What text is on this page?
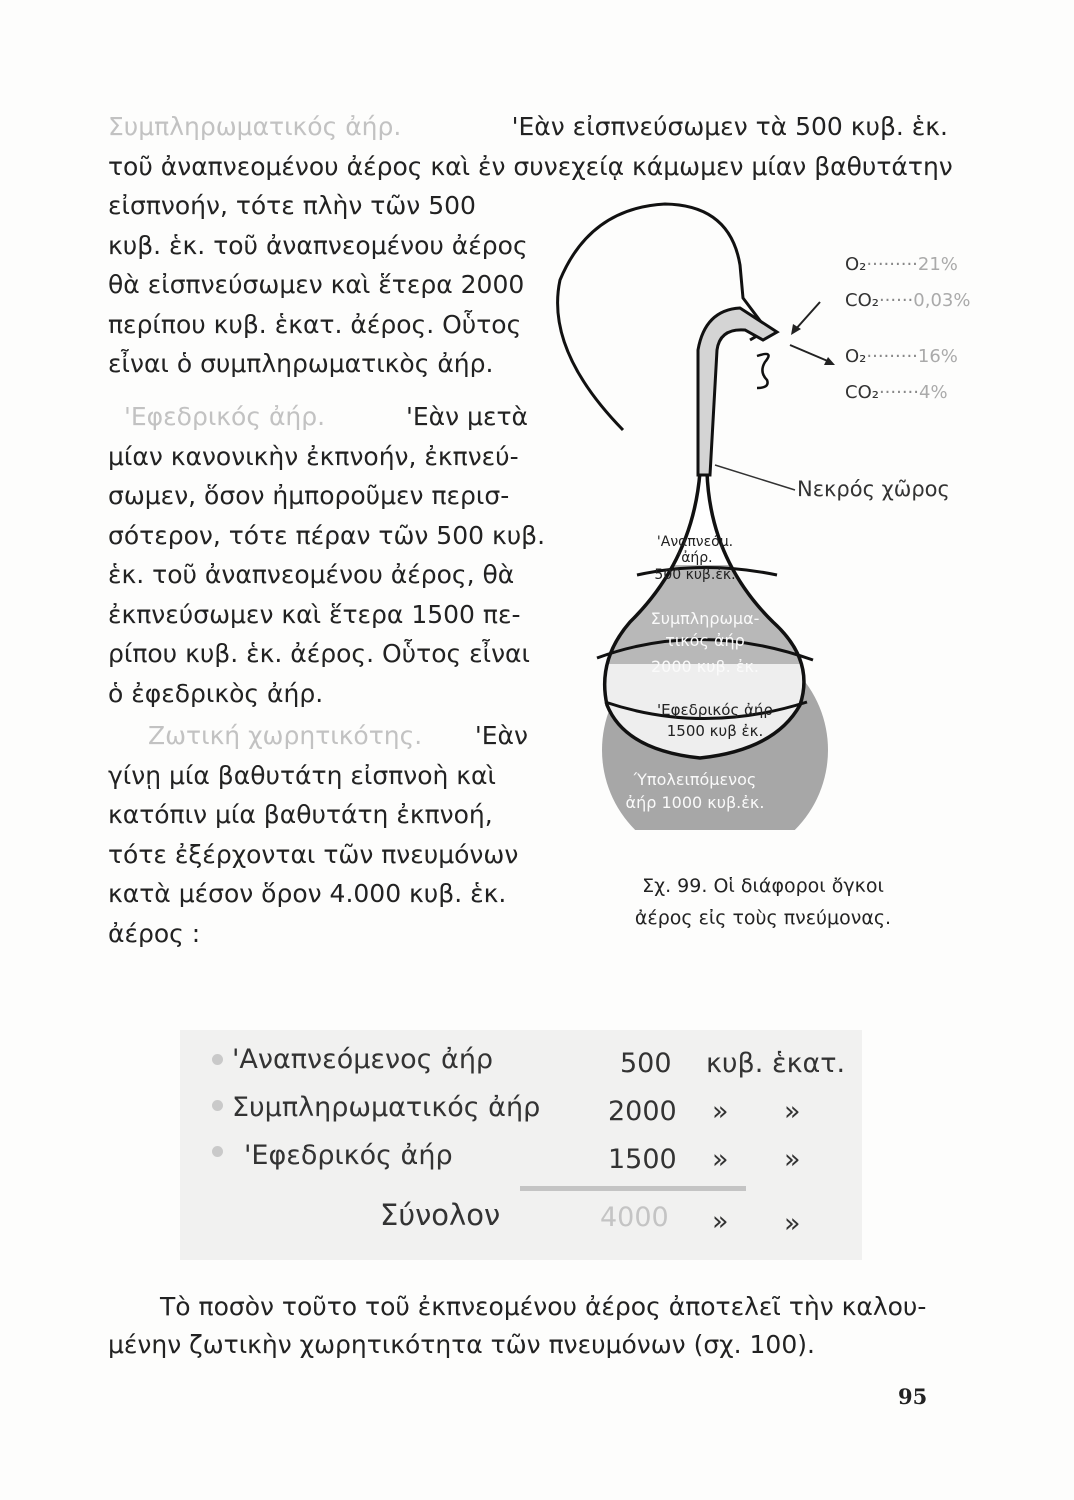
Συμπληρωματικός ἀήρ.	'Εὰν εἰσπνεύσωμεν τὰ 500 κυβ. ἑκ.
τοῦ ἀναπνεομένου ἀέρος καὶ ἐν συνεχείᾳ κάμωμεν μίαν βαθυτάτην
εἰσπνοήν, τότε πλὴν τῶν 500
κυβ. ἑκ. τοῦ ἀναπνεομένου ἀέρος
θὰ εἰσπνεύσωμεν καὶ ἕτερα 2000
περίπου κυβ. ἑκατ. ἀέρος. Οὗτος
εἶναι ὁ συμπληρωματικὸς ἀήρ.
'Εφεδρικός ἀήρ.	'Εὰν μετὰ
μίαν κανονικὴν ἐκπνοήν, ἐκπνεύ-
σωμεν, ὅσον ἠμποροῦμεν περισ-
σότερον, τότε πέραν τῶν 500 κυβ.
ἑκ. τοῦ ἀναπνεομένου ἀέρος, θὰ
ἐκπνεύσωμεν καὶ ἕτερα 1500 πε-
ρίπου κυβ. ἑκ. ἀέρος. Οὗτος εἶναι
ὁ ἐφεδρικὸς ἀήρ.
Ζωτική χωρητικότης. 'Εὰν
γίνῃ μία βαθυτάτη εἰσπνοὴ καὶ
κατόπιν μία βαθυτάτη ἐκπνοή,
τότε ἐξέρχονται τῶν πνευμόνων
κατὰ μέσον ὅρον 4.000 κυβ. ἑκ.
ἀέρος :
O₂·········21%
CO₂······0,03%
O₂·········16%
CO₂·······4%
Νεκρός χῶρος
'Αναπνεόμ.
'ἀήρ.
500 κυβ.ἐκ.
Συμπληρωμα-
τικός ἀήρ
2000 κυβ. ἐκ.
'Εφεδρικός ἀήρ
1500 κυβ ἐκ.
Ύπολειπόμενος
ἀήρ 1000 κυβ.ἐκ.
Σχ. 99. Οἱ διάφοροι ὄγκοι
ἀέρος εἰς τοὺς πνεύμονας.
'Αναπνεόμενος ἀήρ	500 κυβ. ἑκατ.
Συμπληρωματικός ἀήρ	2000 » »
'Εφεδρικός ἀήρ	1500 » »
Σύνολον	4000 » »
Τὸ ποσὸν τοῦτο τοῦ ἐκπνεομένου ἀέρος ἀποτελεῖ τὴν καλου-
μένην ζωτικὴν χωρητικότητα τῶν πνευμόνων (σχ. 100).
95
